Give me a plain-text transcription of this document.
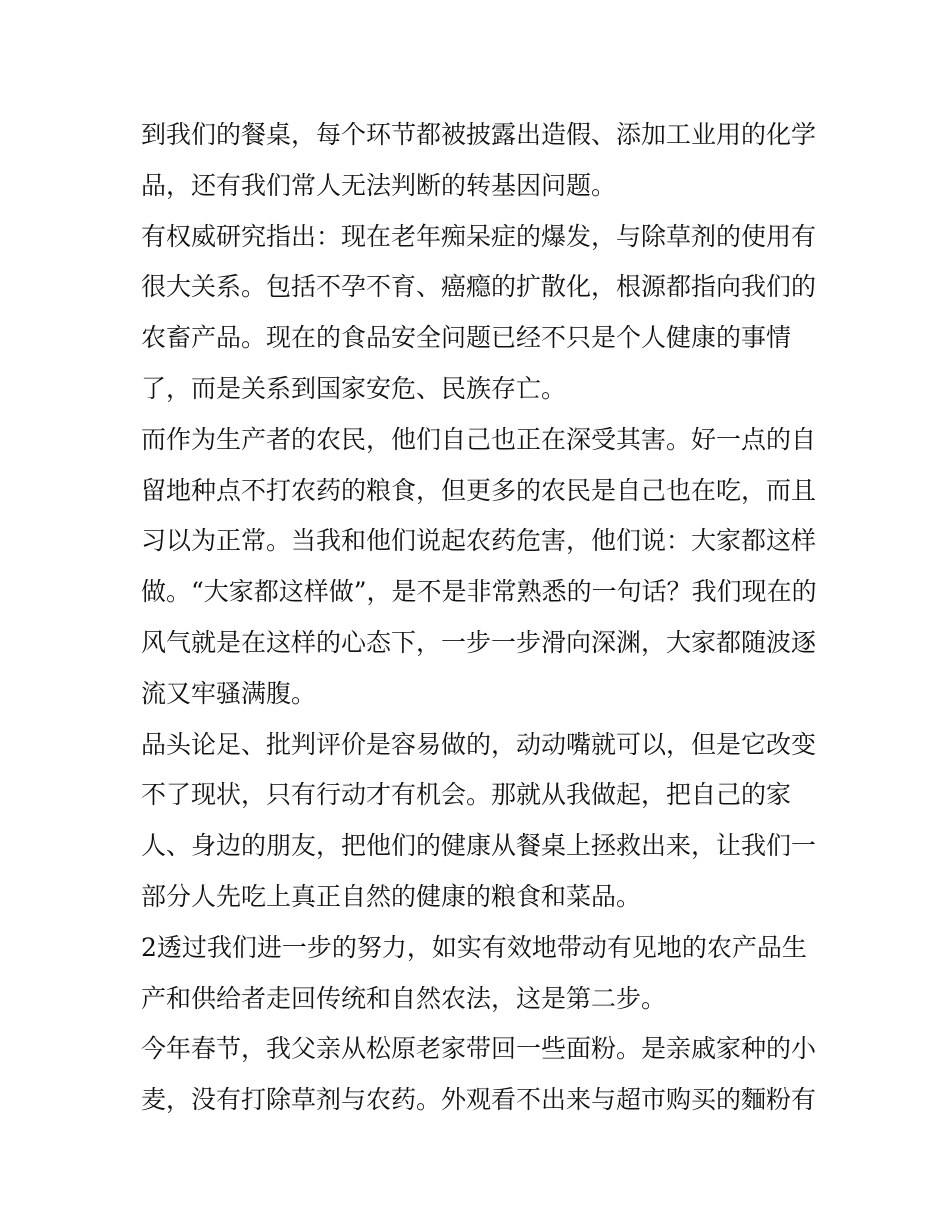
到我们的餐桌，每个环节都被披露出造假、添加工业用的化学
品，还有我们常人无法判断的转基因问题。
有权威研究指出：现在老年痴呆症的爆发，与除草剂的使用有
很大关系。包括不孕不育、癌瘾的扩散化，根源都指向我们的
农畜产品。现在的食品安全问题已经不只是个人健康的事情
了，而是关系到国家安危、民族存亡。
而作为生产者的农民，他们自己也正在深受其害。好一点的自
留地种点不打农药的粮食，但更多的农民是自己也在吃，而且
习以为正常。当我和他们说起农药危害，他们说：大家都这样
做。“大家都这样做”，是不是非常熟悉的一句话？我们现在的
风气就是在这样的心态下，一步一步滑向深渊，大家都随波逐
流又牢骚满腹。
品头论足、批判评价是容易做的，动动嘴就可以，但是它改变
不了现状，只有行动才有机会。那就从我做起，把自己的家
人、身边的朋友，把他们的健康从餐桌上拯救出来，让我们一
部分人先吃上真正自然的健康的粮食和菜品。
2透过我们进一步的努力，如实有效地带动有见地的农产品生
产和供给者走回传统和自然农法，这是第二步。
今年春节，我父亲从松原老家带回一些面粉。是亲戚家种的小
麦，没有打除草剂与农药。外观看不出来与超市购买的麵粉有
